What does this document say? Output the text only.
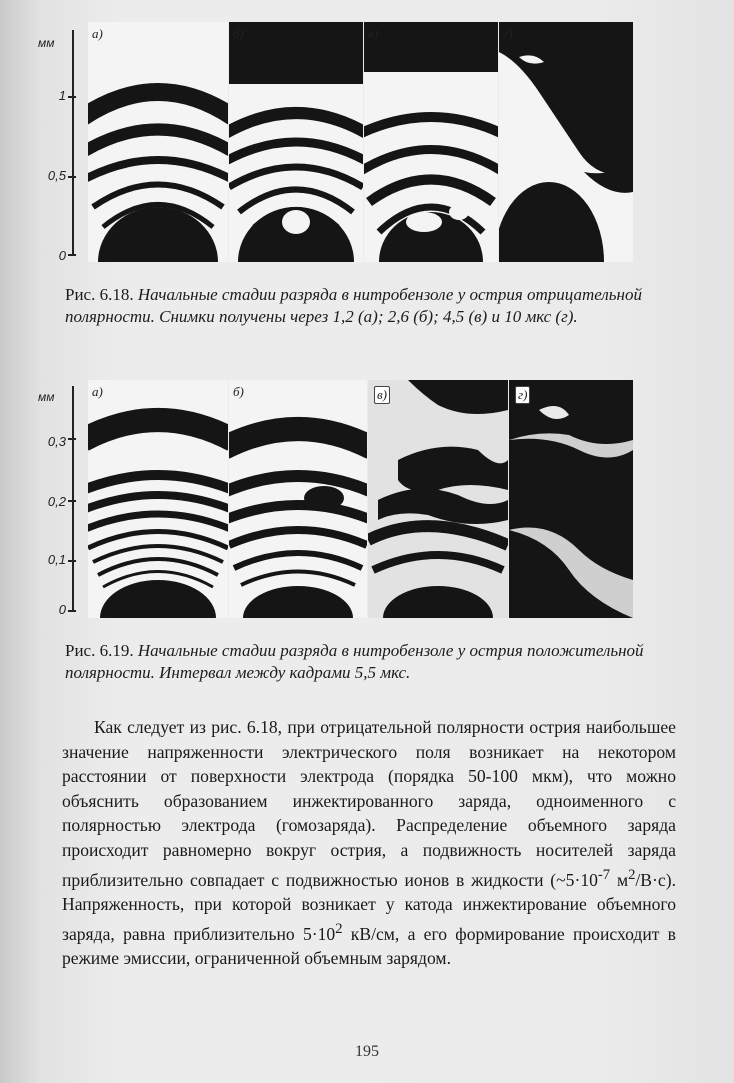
мм
1
0,5
0
а)	б)	в)	г)
Рис. 6.18. Начальные стадии разряда в нитробензоле у острия отрицательной полярности. Снимки получены через 1,2 (а); 2,6 (б); 4,5 (в) и 10 мкс (г).
мм
0,3
0,2
0,1
0
а)	б)	в)	г)
Рис. 6.19. Начальные стадии разряда в нитробензоле у острия положительной полярности. Интервал между кадрами 5,5 мкс.
Как следует из рис. 6.18, при отрицательной полярности острия наибольшее значение напряженности электрического поля возникает на некотором расстоянии от поверхности электрода (порядка 50-100 мкм), что можно объяснить образованием инжектированного заряда, одноименного с полярностью электрода (гомозаряда). Распределение объемного заряда происходит равномерно вокруг острия, а подвижность носителей заряда приблизительно совпадает с подвижностью ионов в жидкости ($\sim 5\cdot 10^{-7}$ $м^2/В\cdot с$). Напряженность, при которой возникает у катода инжектирование объемного заряда, равна приблизительно $5\cdot 10^2$ кВ/см, а его формирование происходит в режиме эмиссии, ограниченной объемным зарядом.
195
